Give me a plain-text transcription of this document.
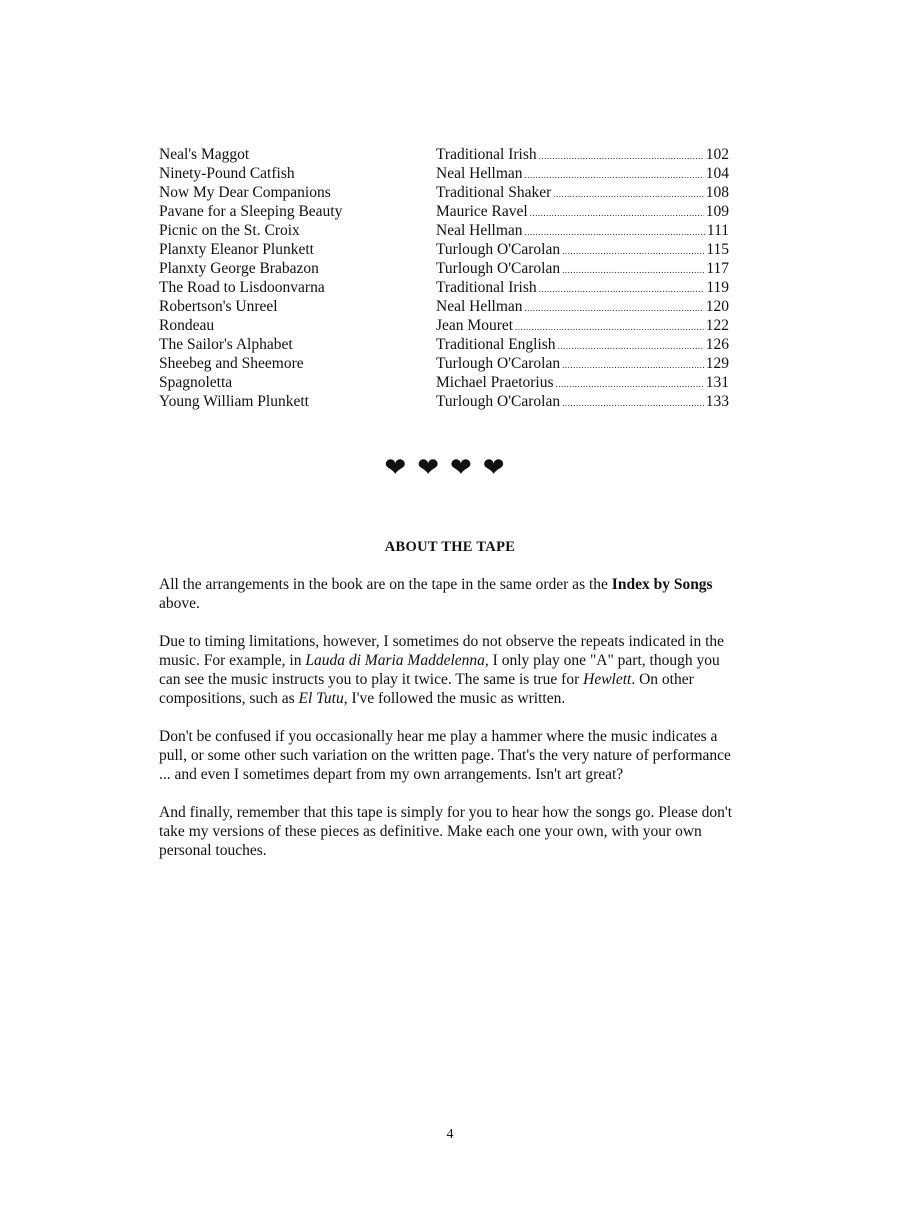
Neal's Maggot	Traditional Irish .....	102
Ninety-Pound Catfish	Neal Hellman .....	104
Now My Dear Companions	Traditional Shaker .....	108
Pavane for a Sleeping Beauty	Maurice Ravel .....	109
Picnic on the St. Croix	Neal Hellman .....	111
Planxty Eleanor Plunkett	Turlough O'Carolan .....	115
Planxty George Brabazon	Turlough O'Carolan .....	117
The Road to Lisdoonvarna	Traditional Irish .....	119
Robertson's Unreel	Neal Hellman .....	120
Rondeau	Jean Mouret .....	122
The Sailor's Alphabet	Traditional English .....	126
Sheebeg and Sheemore	Turlough O'Carolan .....	129
Spagnoletta	Michael Praetorius .....	131
Young William Plunkett	Turlough O'Carolan .....	133
❤❤❤❤
ABOUT THE TAPE

All the arrangements in the book are on the tape in the same order as the Index by Songs above.

Due to timing limitations, however, I sometimes do not observe the repeats indicated in the music. For example, in Lauda di Maria Maddelenna, I only play one "A" part, though you can see the music instructs you to play it twice. The same is true for Hewlett. On other compositions, such as El Tutu, I've followed the music as written.

Don't be confused if you occasionally hear me play a hammer where the music indicates a pull, or some other such variation on the written page. That's the very nature of performance ... and even I sometimes depart from my own arrangements. Isn't art great?

And finally, remember that this tape is simply for you to hear how the songs go. Please don't take my versions of these pieces as definitive. Make each one your own, with your own personal touches.

4
